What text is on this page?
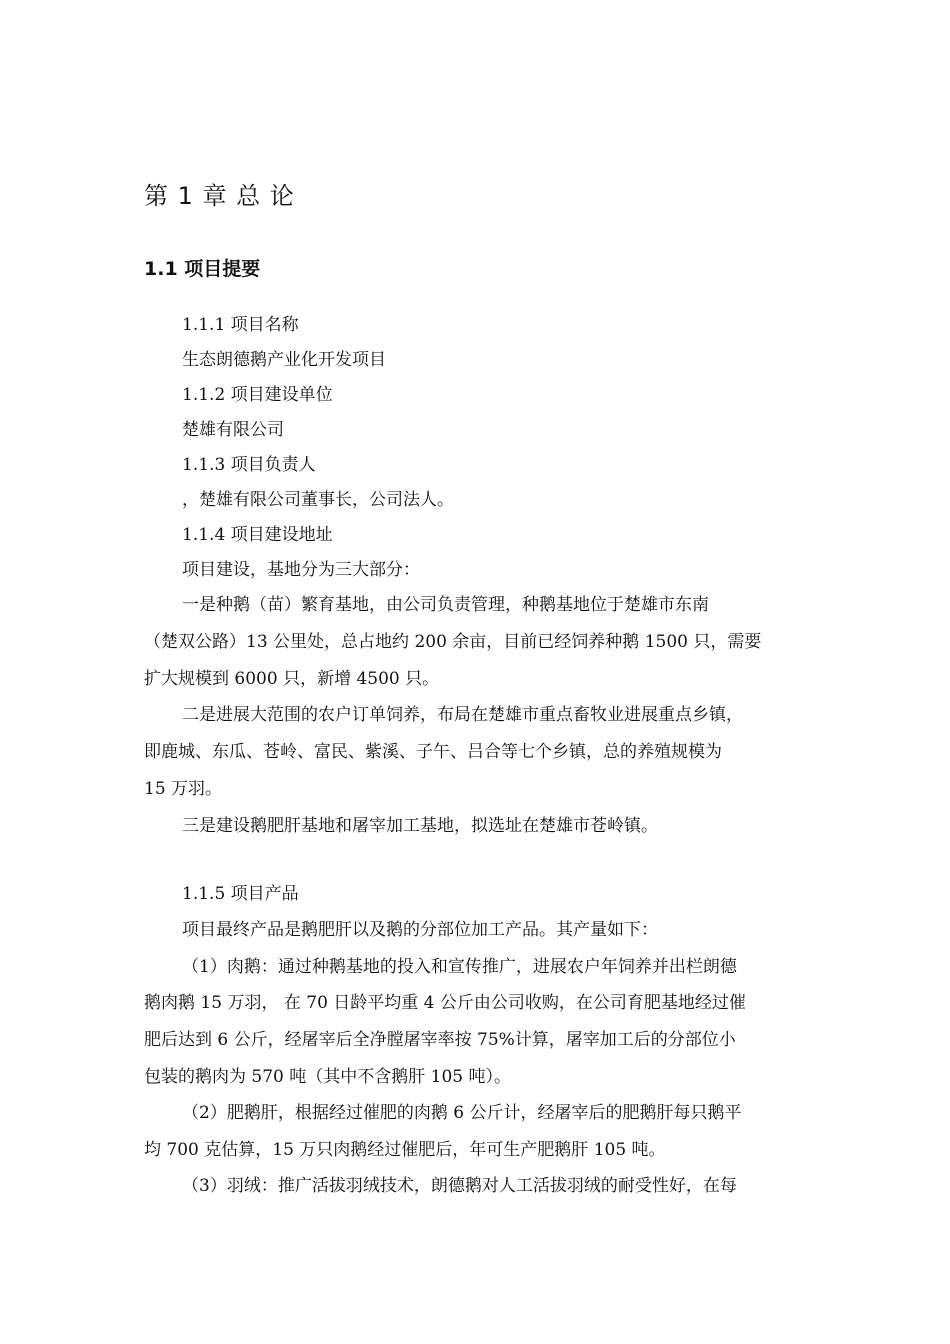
第 1 章 总 论
1.1 项目提要

1.1.1 项目名称

生态朗德鹅产业化开发项目

1.1.2 项目建设单位

楚雄有限公司

1.1.3 项目负责人

，楚雄有限公司董事长，公司法人。

1.1.4 项目建设地址

项目建设，基地分为三大部分：

一是种鹅（苗）繁育基地，由公司负责管理，种鹅基地位于楚雄市东南

（楚双公路）13 公里处，总占地约 200 余亩，目前已经饲养种鹅 1500 只，需要

扩大规模到 6000 只，新增 4500 只。

二是进展大范围的农户订单饲养，布局在楚雄市重点畜牧业进展重点乡镇，

即鹿城、东瓜、苍岭、富民、紫溪、子午、吕合等七个乡镇，总的养殖规模为

15 万羽。

三是建设鹅肥肝基地和屠宰加工基地，拟选址在楚雄市苍岭镇。

1.1.5 项目产品

项目最终产品是鹅肥肝以及鹅的分部位加工产品。其产量如下：

（1）肉鹅：通过种鹅基地的投入和宣传推广，进展农户年饲养并出栏朗德

鹅肉鹅 15 万羽， 在 70 日龄平均重 4 公斤由公司收购，在公司育肥基地经过催

肥后达到 6 公斤，经屠宰后全净膛屠宰率按 75%计算，屠宰加工后的分部位小

包装的鹅肉为 570 吨（其中不含鹅肝 105 吨）。

（2）肥鹅肝，根据经过催肥的肉鹅 6 公斤计，经屠宰后的肥鹅肝每只鹅平

均 700 克估算，15 万只肉鹅经过催肥后，年可生产肥鹅肝 105 吨。

（3）羽绒：推广活拔羽绒技术，朗德鹅对人工活拔羽绒的耐受性好，在每
